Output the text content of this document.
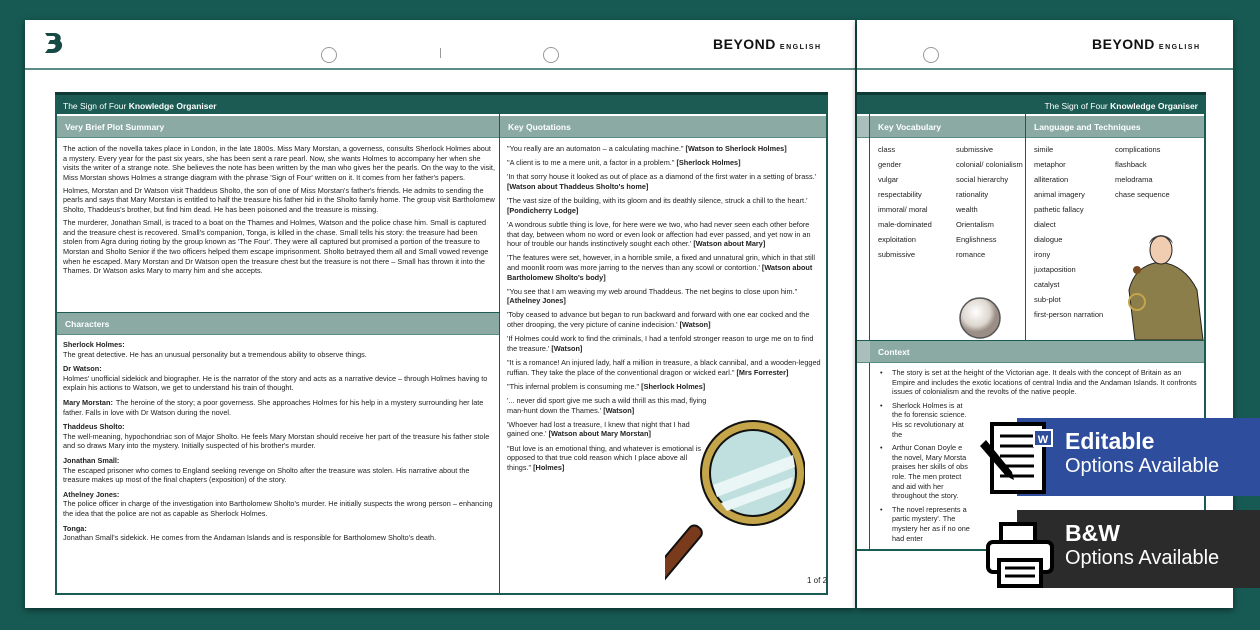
BEYOND ENGLISH
The Sign of Four Knowledge Organiser
Very Brief Plot Summary	Key Quotations

The action of the novella takes place in London, in the late 1800s. Miss Mary Morstan, a governess, consults Sherlock Holmes about a mystery. Every year for the past six years, she has been sent a rare pearl. Now, she wants Holmes to accompany her when she visits the writer of a strange note. She believes the note has been written by the man who gives her the pearls. On the way to the visit, Miss Morstan shows Holmes a strange diagram with the phrase 'Sign of Four' written on it. It comes from her father's papers.

Holmes, Morstan and Dr Watson visit Thaddeus Sholto, the son of one of Miss Morstan's father's friends. He admits to sending the pearls and says that Mary Morstan is entitled to half the treasure his father hid in the Sholto family home. The group visit Bartholomew Sholto, Thaddeus's brother, but find him dead. He has been poisoned and the treasure is missing.

The murderer, Jonathan Small, is traced to a boat on the Thames and Holmes, Watson and the police chase him. Small is captured and the treasure chest is recovered. Small's companion, Tonga, is killed in the chase. Small tells his story: the treasure had been stolen from Agra during rioting by the group known as 'The Four'. They were all captured but promised a portion of the treasure to Morstan and Sholto Senior if the two officers helped them escape imprisonment. Sholto betrayed them all and Small vowed revenge when he escaped. Mary Morstan and Dr Watson open the treasure chest but the treasure is not there – Small has thrown it into the Thames. Dr Watson asks Mary to marry him and she accepts.

Characters

Sherlock Holmes:
The great detective. He has an unusual personality but a tremendous ability to observe things.

Dr Watson:
Holmes' unofficial sidekick and biographer. He is the narrator of the story and acts as a narrative device – through Holmes having to explain his actions to Watson, we get to understand his train of thought.

Mary Morstan: The heroine of the story; a poor governess. She approaches Holmes for his help in a mystery surrounding her late father. Falls in love with Dr Watson during the novel.

Thaddeus Sholto:
The well-meaning, hypochondriac son of Major Sholto. He feels Mary Morstan should receive her part of the treasure his father stole and so draws Mary into the mystery. Initially suspected of his brother's murder.

Jonathan Small:
The escaped prisoner who comes to England seeking revenge on Sholto after the treasure was stolen. His narrative about the treasure makes up most of the final chapters (exposition) of the story.

Athelney Jones:
The police officer in charge of the investigation into Bartholomew Sholto's murder. He initially suspects the wrong person – enhancing the idea that the police are not as capable as Sherlock Holmes.

Tonga:
Jonathan Small's sidekick. He comes from the Andaman Islands and is responsible for Bartholomew Sholto's death.

"You really are an automaton – a calculating machine." [Watson to Sherlock Holmes]

"A client is to me a mere unit, a factor in a problem." [Sherlock Holmes]

'In that sorry house it looked as out of place as a diamond of the first water in a setting of brass.' [Watson about Thaddeus Sholto's home]

'The vast size of the building, with its gloom and its deathly silence, struck a chill to the heart.' [Pondicherry Lodge]

'A wondrous subtle thing is love, for here were we two, who had never seen each other before that day, between whom no word or even look or affection had ever passed, and yet now in an hour of trouble our hands instinctively sought each other.' [Watson about Mary]

'The features were set, however, in a horrible smile, a fixed and unnatural grin, which in that still and moonlit room was more jarring to the nerves than any scowl or contortion.' [Watson about Bartholomew Sholto's body]

"You see that I am weaving my web around Thaddeus. The net begins to close upon him." [Athelney Jones]

'Toby ceased to advance but began to run backward and forward with one ear cocked and the other drooping, the very picture of canine indecision.' [Watson]

'If Holmes could work to find the criminals, I had a tenfold stronger reason to urge me on to find the treasure.' [Watson]

"It is a romance! An injured lady, half a million in treasure, a black cannibal, and a wooden-legged ruffian. They take the place of the conventional dragon or wicked earl." [Mrs Forrester]

"This infernal problem is consuming me." [Sherlock Holmes]

'... never did sport give me such a wild thrill as this mad, flying man-hunt down the Thames.' [Watson]

'Whoever had lost a treasure, I knew that night that I had gained one.' [Watson about Mary Morstan]

"But love is an emotional thing, and whatever is emotional is opposed to that true cold reason which I place above all things." [Holmes]

1 of 2
BEYOND ENGLISH
The Sign of Four Knowledge Organiser
Key Vocabulary	Language and Techniques
class
gender
vulgar
respectability
immoral/ moral
male-dominated
exploitation
submissive
submissive
colonial/ colonialism
social hierarchy
rationality
wealth
Orientalism
Englishness
romance
simile
metaphor
alliteration
animal imagery
pathetic fallacy
dialect
dialogue
irony
juxtaposition
catalyst
sub-plot
first-person narration
complications
flashback
melodrama
chase sequence
Context
• The story is set at the height of the Victorian age. It deals with the concept of Britain as an Empire and includes the exotic locations of central India and the Andaman Islands. It confronts issues of colonialism and the revolts of the native people.
• Sherlock Holmes is at the fo forensic science. His sc revolutionary at the
• Arthur Conan Doyle e the novel, Mary Morsta praises her skills of obs role. The men protect and aid with her throughout the story.
• The novel represents a partic mystery'. The mystery her as if no one had enter
Editable
Options Available
W
B&W
Options Available
